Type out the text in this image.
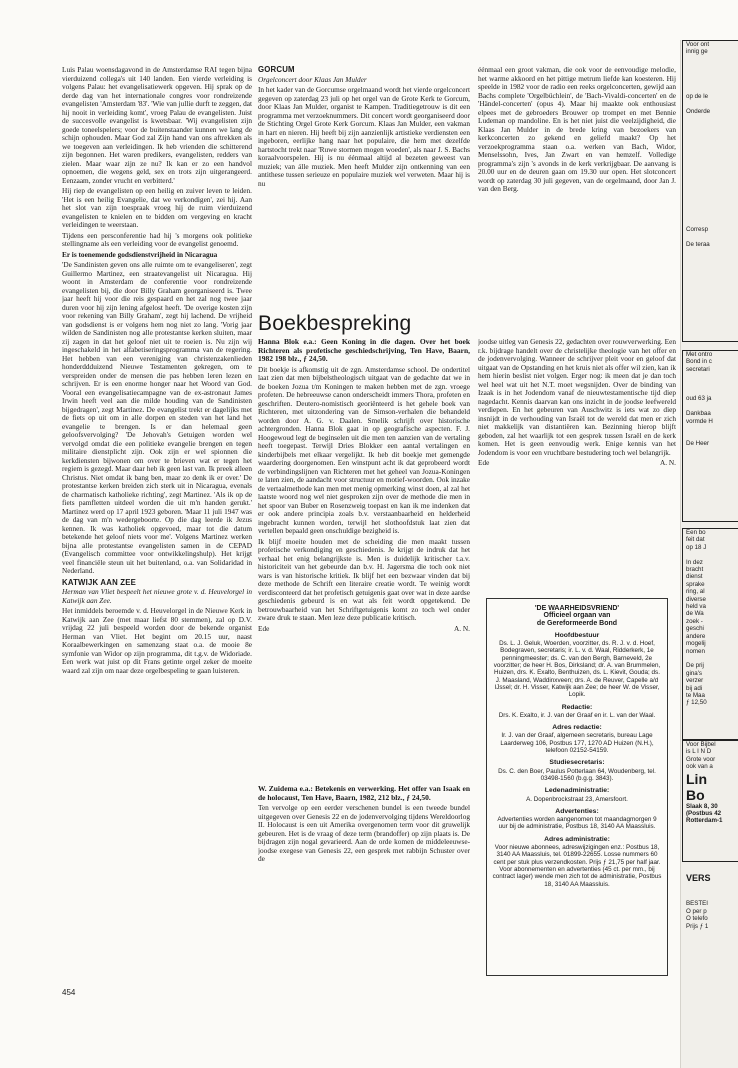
Luis Palau woensdagavond in de Amsterdamse RAI tegen bijna vierduizend collega's uit 140 landen. Een vierde verleiding is volgens Palau: het evangelisatiewerk opgeven. Hij sprak op de derde dag van het internationale congres voor rondreizende evangelisten 'Amsterdam '83'. 'Wie van jullie durft te zeggen, dat hij nooit in verleiding komt', vroeg Palau de evangelisten. Juist de succesvolle evangelist is kwetsbaar. 'Wij evangelisten zijn goede toneelspelers; voor de buitenstaander kunnen we lang de schijn ophouden. Maar God zal Zijn hand van ons aftrekken als we toegeven aan verleidingen. Ik heb vrienden die schitterend zijn begonnen. Het waren predikers, evangelisten, redders van zielen. Maar waar zijn ze nu? Ik kan er zo een handvol opnoemen, die wegens geld, sex en trots zijn uitgerangeerd. Eenzaam, zonder vrucht en verbitterd.'

Hij riep de evangelisten op een heilig en zuiver leven te leiden. 'Het is een heilig Evangelie, dat we verkondigen', zei hij. Aan het slot van zijn toespraak vroeg hij de ruim vierduizend evangelisten te knielen en te bidden om vergeving en kracht verleidingen te weerstaan.

Tijdens een persconferentie had hij 's morgens ook politieke stellingname als een verleiding voor de evangelist genoemd.

Er is toenemende godsdienstvrijheid in Nicaragua

'De Sandinisten geven ons alle ruimte om te evangeliseren', zegt Guillermo Martinez, een straatevangelist uit Nicaragua. Hij woont in Amsterdam de conferentie voor rondreizende evangelisten bij, die door Billy Graham georganiseerd is. Twee jaar heeft hij voor die reis gespaard en het zal nog twee jaar duren voor hij zijn lening afgelost heeft. 'De overige kosten zijn voor rekening van Billy Graham', zegt hij lachend. De vrijheid van godsdienst is er volgens hem nog niet zo lang. 'Vorig jaar wilden de Sandinisten nog alle protestantse kerken sluiten, maar zij zagen in dat het geloof niet uit te roeien is. Nu zijn wij ingeschakeld in het alfabetiseringsprogramma van de regering. Het hebben van een vereniging van christenzakenlieden honderddduizend Nieuwe Testamenten gekregen, om te verspreiden onder de mensen die pas hebben leren lezen en schrijven. Er is een enorme honger naar het Woord van God. Vooral een evangelisatiecampagne van de ex-astronaut James Irwin heeft veel aan die milde houding van de Sandinisten bijgedragen', zegt Martinez. De evangelist trekt er dagelijks met de fiets op uit om in alle dorpen en steden van het land het evangelie te brengen. Is er dan helemaal geen geloofsvervolging? 'De Jehovah's Getuigen worden wel vervolgd omdat die een politieke evangelie brengen en tegen militaire dienstplicht zijn. Ook zijn er wel spionnen die kerkdiensten bijwonen om over te brieven wat er tegen het regiem is gezegd. Maar daar heb ik geen last van. Ik preek alleen Christus. Niet omdat ik bang ben, maar zo denk ik er over.' De protestantse kerken breiden zich sterk uit in Nicaragua, evenals de charmatisch katholieke richting', zegt Martinez. 'Als ik op de fiets pamfletten uitdeel worden die uit m'n handen gerukt.' Martinez werd op 17 april 1923 geboren. 'Maar 11 juli 1947 was de dag van m'n wedergeboorte. Op die dag leerde ik Jezus kennen. Ik was katholiek opgevoed, maar tot die datum betekende het geloof niets voor me'. Volgens Martinez werken bijna alle protestantse evangelisten samen in de CEPAD (Evangelisch committee voor ontwikkelingshulp). Het krijgt veel financiële steun uit het buitenland, o.a. van Solidaridad in Nederland.

KATWIJK AAN ZEE

Herman van Vliet bespeelt het nieuwe grote v. d. Heuvelorgel in Katwijk aan Zee.

Het inmiddels beroemde v. d. Heuvelorgel in de Nieuwe Kerk in Katwijk aan Zee (met maar liefst 80 stemmen), zal op D.V. vrijdag 22 juli bespeeld worden door de bekende organist Herman van Vliet. Het begint om 20.15 uur, naast Koraalbewerkingen en samenzang staat o.a. de mooie 8e symfonie van Widor op zijn programma, dit t.g.v. de Widoriade. Een werk wat juist op dit Frans getinte orgel zeker de moeite waard zal zijn om naar deze orgelbespeling te gaan luisteren.

GORCUM

Orgelconcert door Klaas Jan Mulder

In het kader van de Gorcumse orgelmaand wordt het vierde orgelconcert gegeven op zaterdag 23 juli op het orgel van de Grote Kerk te Gorcum, door Klaas Jan Mulder, organist te Kampen. Traditiegetrouw is dit een programma met verzoeknummers. Dit concert wordt georganiseerd door de Stichting Orgel Grote Kerk Gorcum. Klaas Jan Mulder, een vakman in hart en nieren. Hij heeft bij zijn aanzienlijk artistieke verdiensten een ingeboren, eerlijke hang naar het populaire, die hem met dezelfde hartstocht trekt naar 'Ruwe stormen mogen woeden', als naar J. S. Bachs koraalvoorspelen. Hij is nu éénmaal altijd al bezeten geweest van muziek; van álle muziek. Men heeft Mulder zijn ontkenning van een antithese tussen serieuze en populaire muziek wel verweten. Maar hij is nu

éénmaal een groot vakman, die ook voor de eenvoudige melodie, het warme akkoord en het pittige metrum liefde kan koesteren. Hij speelde in 1982 voor de radio een reeks orgelconcerten, gewijd aan Bachs complete 'Orgelbüchlein', de 'Bach-Vivaldi-concerten' en de 'Händel-concerten' (opus 4). Maar hij maakte ook enthousiast elpees met de gebroeders Brouwer op trompet en met Bennie Ludeman op mandoline. En is het niet juist die veelzijdigheid, die Klaas Jan Mulder in de brede kring van bezoekers van kerkconcerten zo gekend en geliefd maakt? Op het verzoekprogramma staan o.a. werken van Bach, Widor, Menselssohn, Ives, Jan Zwart en van hemzelf. Volledige programma's zijn 's avonds in de kerk verkrijgbaar. De aanvang is 20.00 uur en de deuren gaan om 19.30 uur open. Het slotconcert wordt op zaterdag 30 juli gegeven, van de orgelmaand, door Jan J. van den Berg.

Boekbespreking

Hanna Blok e.a.: Geen Koning in die dagen. Over het boek Richteren als profetische geschiedschrijving, Ten Have, Baarn, 1982 198 blz., ƒ 24,50.

Dit boekje is afkomstig uit de zgn. Amsterdamse school. De ondertitel laat zien dat men bijbelstheologisch uitgaat van de gedachte dat we in de boeken Jozua t/m Koningen te maken hebben met de zgn. vroege profeten. De hebreeuwse canon onderscheidt immers Thora, profeten en geschriften. Deutero-nomistisch georiënteerd is het gehele boek van Richteren, met uitzondering van de Simson-verhalen die behandeld worden door A. G. v. Daalen. Smelik schrijft over historische achtergronden. Hanna Blok gaat in op geografische aspecten. F. J. Hoogewoud legt de beginselen uit die men ten aanzien van de vertaling heeft toegepast. Terwijl Dries Blokker een aantal vertalingen en kinderbijbels met elkaar vergelijkt. Ik heb dit boekje met gemengde waardering doorgenomen. Een winstpunt acht ik dat geprobeerd wordt de verbindingslijnen van Richteren met het geheel van Jozua-Koningen te laten zien, de aandacht voor structuur en motief-woorden. Ook inzake de vertaalmethode kan men met menig opmerking winst doen, al zal het laatste woord nog wel niet gesproken zijn over de methode die men in het spoor van Buber en Rosenzweig toepast en kan ik me indenken dat er ook andere principia zoals b.v. verstaanbaarheid en helderheid ingebracht kunnen worden, terwijl het slothoofdstuk laat zien dat vertellen bepaald geen onschuldige bezigheid is.

Ik blijf moeite houden met de scheiding die men maakt tussen profetische verkondiging en geschiedenis. Je krijgt de indruk dat het verhaal het enig belangrijkste is. Men is duidelijk kritischer t.a.v. historiciteit van het gebeurde dan b.v. H. Jagersma die toch ook niet wars is van historische kritiek. Ik blijf het een bezwaar vinden dat bij deze methode de Schrift een literaire creatie wordt. Te weinig wordt verdisconteerd dat het profetisch getuigenis gaat over wat in deze aardse geschiedenis gebeurd is en wat als feit wordt opgetekend. De betrouwbaarheid van het Schriftgetuigenis komt zo toch wel onder zware druk te staan. Men leze deze publicatie kritisch.

Ede	A. N.

joodse uitleg van Genesis 22, gedachten over rouwverwerking. Een r.k. bijdrage handelt over de christelijke theologie van het offer en de jodenvervolging. Wanneer de schrijver pleit voor en geloof dat uitgaat van de Opstanding en het kruis niet als offer wil zien, kan ik hem hierin beslist niet volgen. Erger nog: ik meen dat je dan toch wel heel wat uit het N.T. moet wegsnijden. Over de binding van Izaak is in het Jodendom vanaf de nieuwtestamentische tijd diep nagedacht. Kennis daarvan kan ons inzicht in de joodse leefwereld verdiepen. En het gebeuren van Auschwitz is iets wat zo diep insnijdt in de verhouding van Israël tot de wereld dat men er zich niet makkelijk van distantiëren kan. Bezinning hierop blijft geboden, zal het waarlijk tot een gesprek tussen Israël en de kerk komen. Het is geen eenvoudig werk. Enige kennis van het Jodendom is voor een vruchtbare bestudering toch wel belangrijk.

Ede	A. N.

W. Zuidema e.a.: Betekenis en verwerking. Het offer van Isaak en de holocaust, Ten Have, Baarn, 1982, 212 blz., ƒ 24,50.

Ten vervolge op een eerder verschenen bundel is een tweede bundel uitgegeven over Genesis 22 en de jodenvervolging tijdens Wereldoorlog II. Holocaust is een uit Amerika overgenomen term voor dit gruwelijk gebeuren. Het is de vraag of deze term (brandoffer) op zijn plaats is. De bijdragen zijn nogal gevarieerd. Aan de orde komen de middeleeuwse-joodse exegese van Genesis 22, een gesprek met rabbijn Schuster over de

'DE WAARHEIDSVRIEND'

Officieel orgaan van

de Gereformeerde Bond

Hoofdbestuur

Ds. L. J. Geluk, Woerden, voorzitter, ds. R. J. v. d. Hoef, Bodegraven, secretaris; ir. L. v. d. Waal, Ridderkerk, 1e penningmeester; ds. C. van den Bergh, Barneveld, 2e voorzitter; de heer H. Bos, Dirksland; dr. A. van Brummelen, Huizen, drs. K. Exalto, Benthuizen, ds. L. Kievit, Gouda; ds. J. Maasland, Waddinxveen; drs. A. de Reuver, Capelle a/d IJssel; dr. H. Visser, Katwijk aan Zee; de heer W. de Visser, Lopik.

Redactie:

Drs. K. Exalto, ir. J. van der Graaf en ir. L. van der Waal.

Adres redactie:

Ir. J. van der Graaf, algemeen secretaris, bureau Lage Laarderweg 106, Postbus 177, 1270 AD Huizen (N.H.), telefoon 02152-54159.

Studiesecretaris:

Ds. C. den Boer, Paulus Potterlaan 64, Woudenberg, tel. 03498-1560 (b.g.g. 3843).

Ledenadministratie:

A. Dopenbrockstraat 23, Amersfoort.

Advertenties:

Advertenties worden aangenomen tot maandagmorgen 9 uur bij de administratie, Postbus 18, 3140 AA Maassluis.

Adres administratie:

Voor nieuwe abonnees, adreswijzigingen enz.: Postbus 18, 3140 AA Maassluis, tel. 01899-22655. Losse nummers 60 cent per stuk plus verzendkosten. Prijs ƒ 21,75 per half jaar. Voor abonnementen en advertenties (45 ct. per mm., bij contract lager) wende men zich tot de administratie, Postbus 18, 3140 AA Maassluis.

454
Voor ont
innig ge

op de le

Onderde

Corresp

De teraa
Met ontro
Bond in c
secretari

oud 63 ja

Dankbaa
vormde H

De Heer
Een bo
feit dat
op 18 J

In dez
bracht
dienst
sprake
ring, al
diverse
held va
de Wa
zoek -
geschi
andere
mogelij
nomen

De prij
gina's
verzer
bij adi
te Maa
ƒ 12,50
Voor Bijbel
is L I N D
Grote voor
ook van a
Lin
Bo
Slaak 8, 30
(Postbus 42
Rotterdam-1
VERS
BESTEI
O per p
O telefo
Prijs ƒ 1
